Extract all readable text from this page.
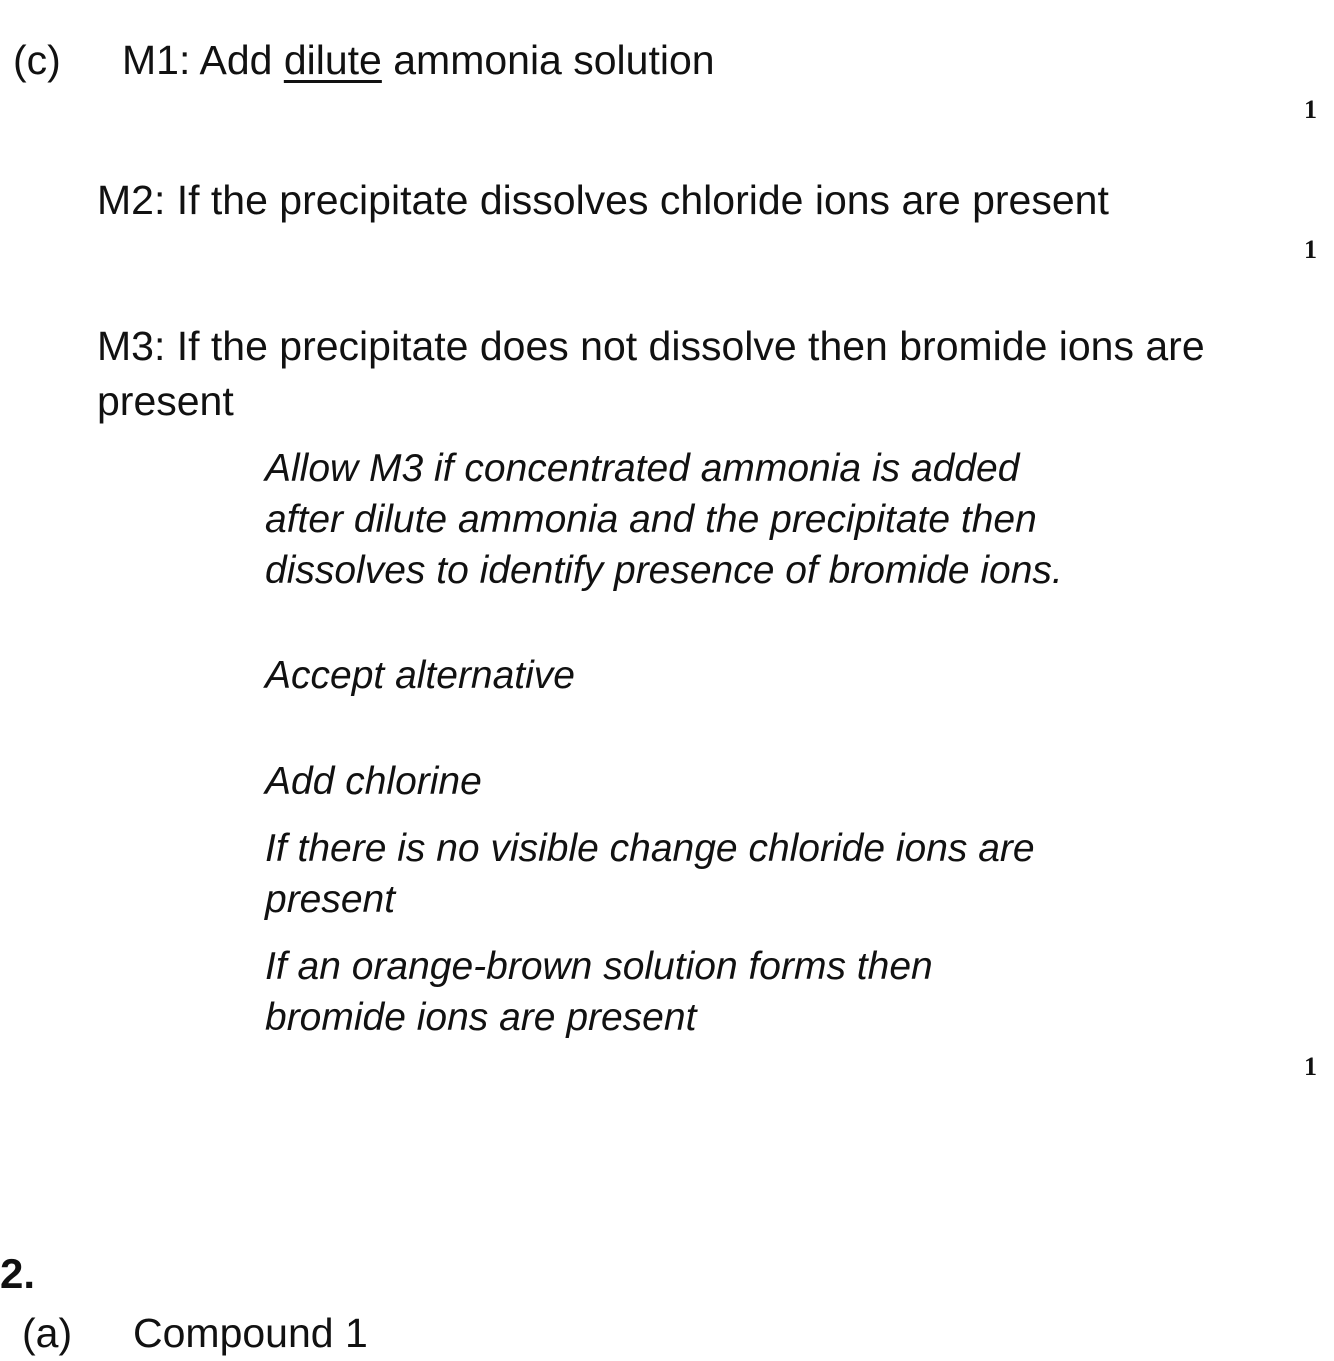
(c) M1: Add dilute ammonia solution

1

M2: If the precipitate dissolves chloride ions are present

1

M3: If the precipitate does not dissolve then bromide ions are

present

Allow M3 if concentrated ammonia is added

after dilute ammonia and the precipitate then

dissolves to identify presence of bromide ions.

Accept alternative

Add chlorine

If there is no visible change chloride ions are

present

If an orange-brown solution forms then

bromide ions are present

1

2.

(a) Compound 1
